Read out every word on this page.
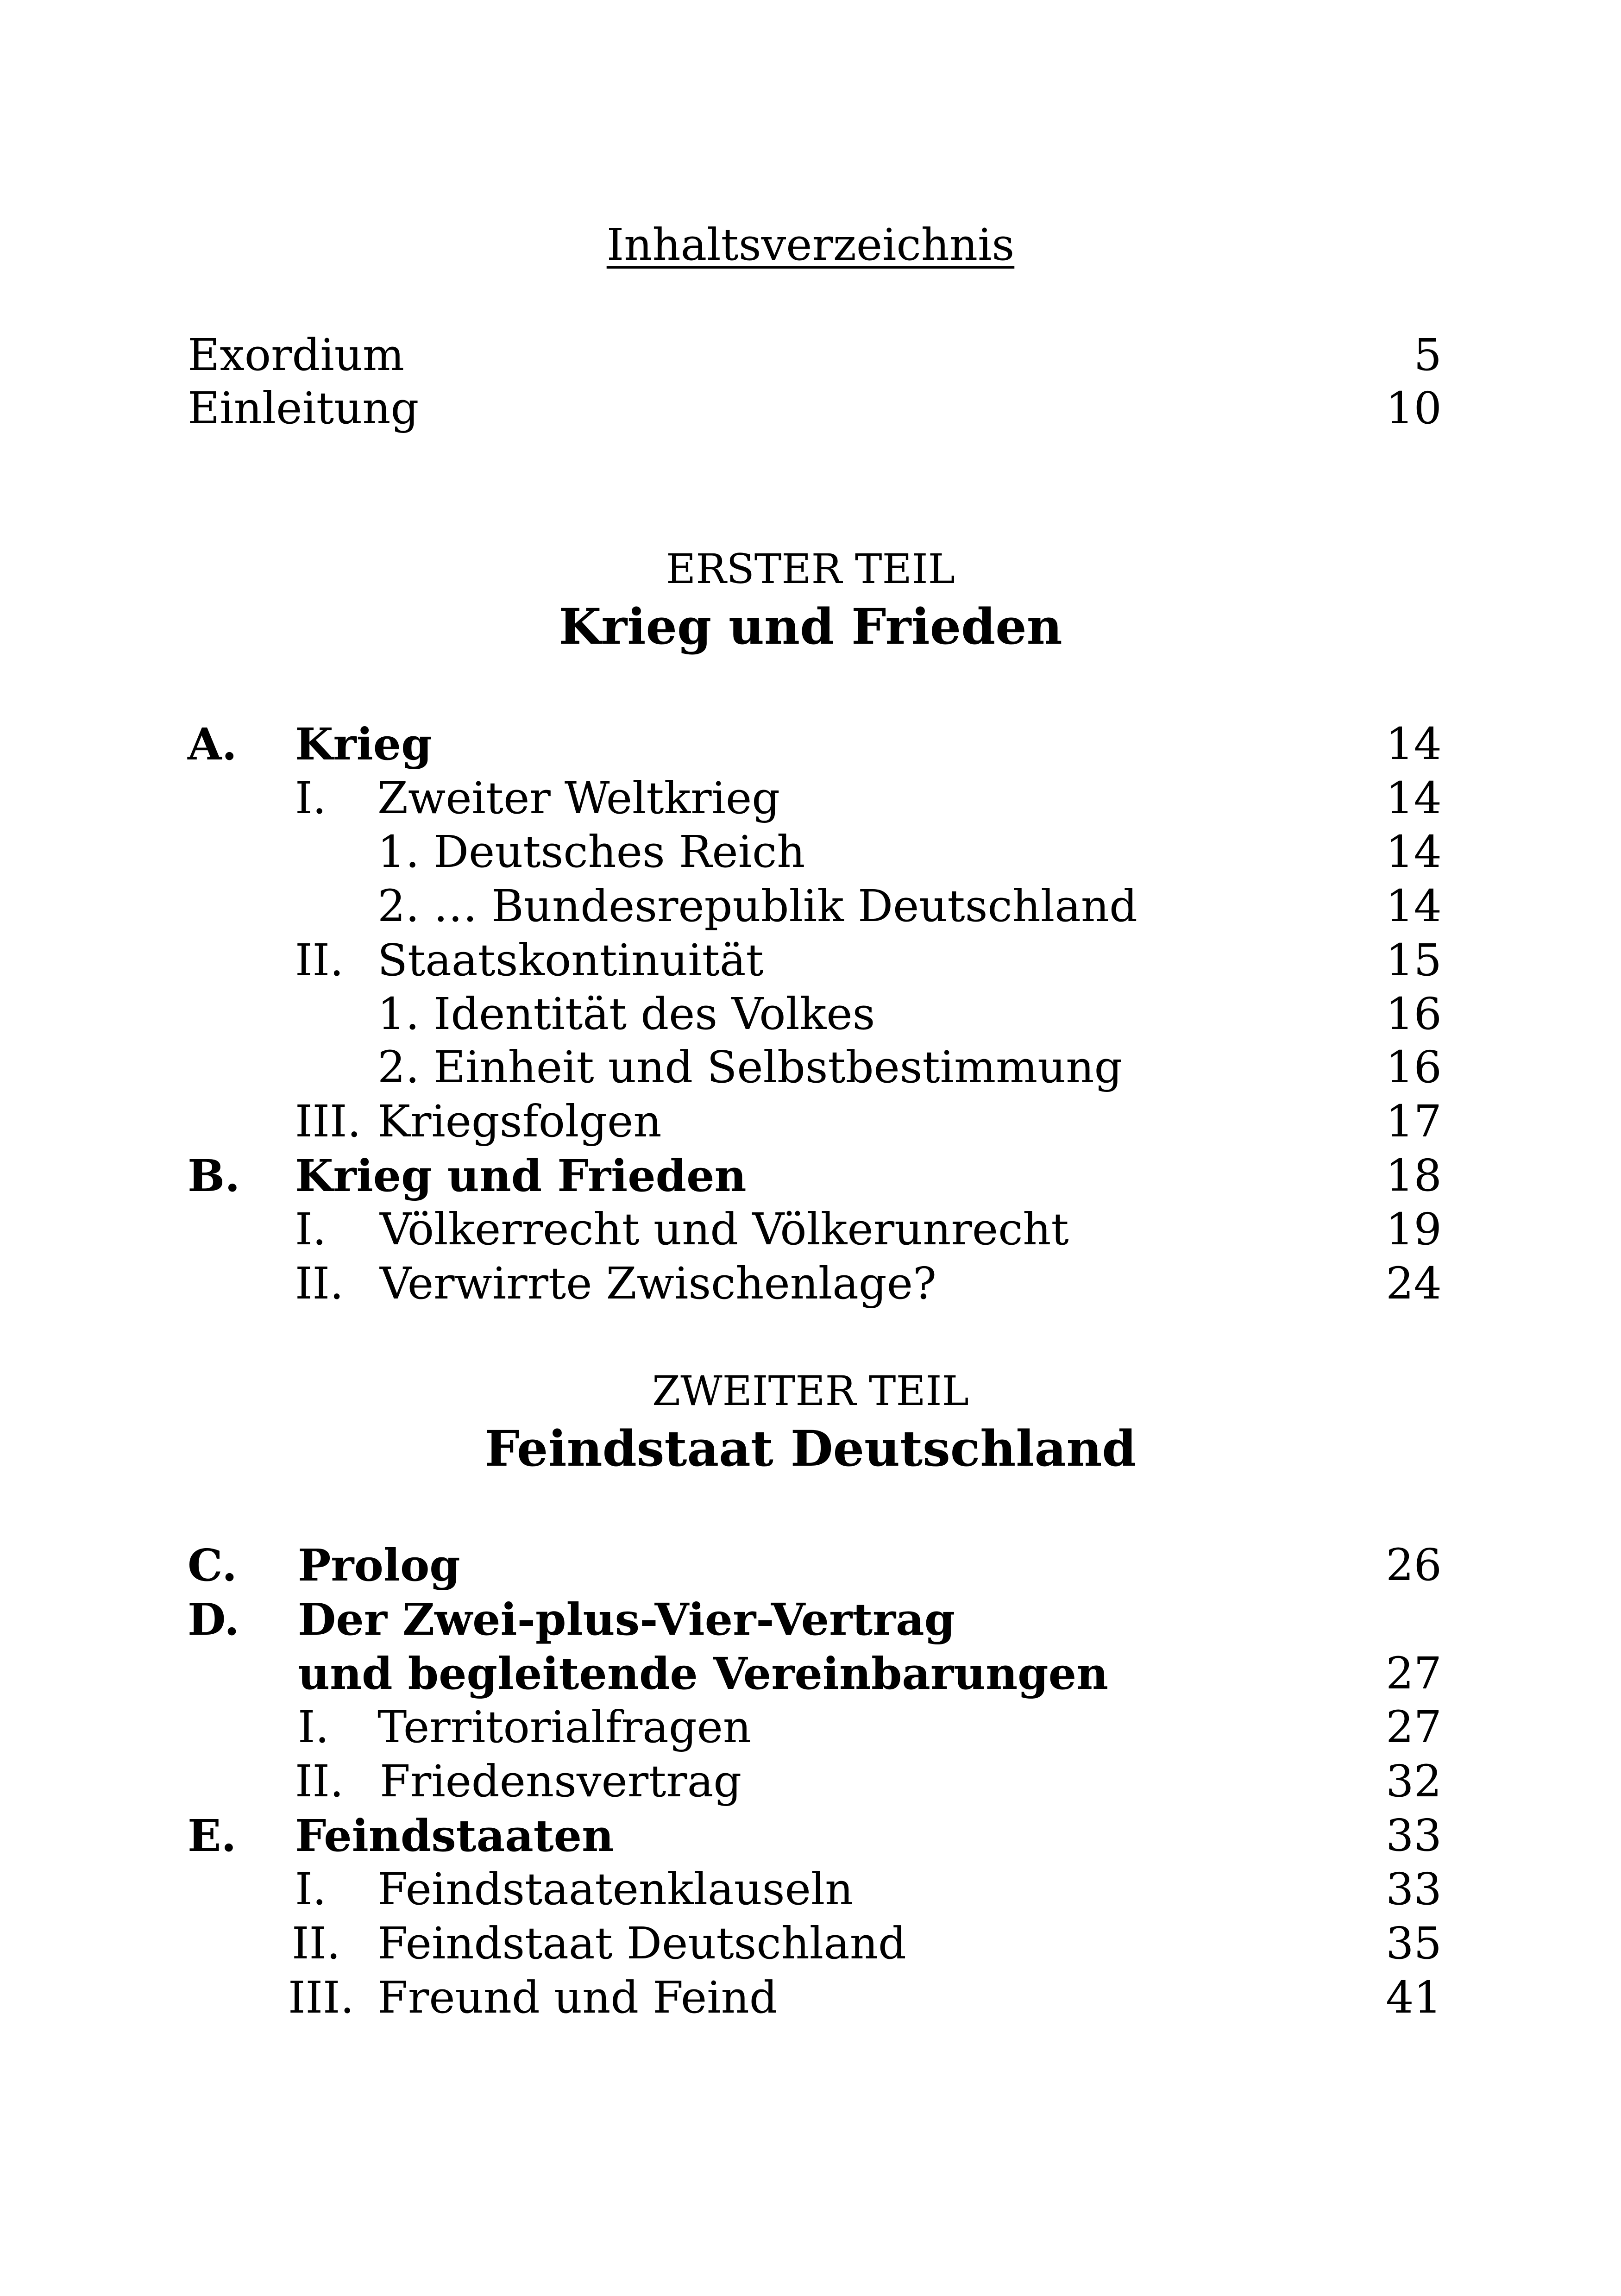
Inhaltsverzeichnis
Exordium	5
Einleitung	10
ERSTER TEIL
Krieg und Frieden
A. Krieg	14
I. Zweiter Weltkrieg	14
1. Deutsches Reich	14
2. … Bundesrepublik Deutschland	14
II. Staatskontinuität	15
1. Identität des Volkes	16
2. Einheit und Selbstbestimmung	16
III. Kriegsfolgen	17
B. Krieg und Frieden	18
I. Völkerrecht und Völkerunrecht	19
II. Verwirrte Zwischenlage?	24
ZWEITER TEIL
Feindstaat Deutschland
C. Prolog	26
D. Der Zwei-plus-Vier-Vertrag
und begleitende Vereinbarungen	27
I. Territorialfragen	27
II. Friedensvertrag	32
E. Feindstaaten	33
I. Feindstaatenklauseln	33
II. Feindstaat Deutschland	35
III. Freund und Feind	41
